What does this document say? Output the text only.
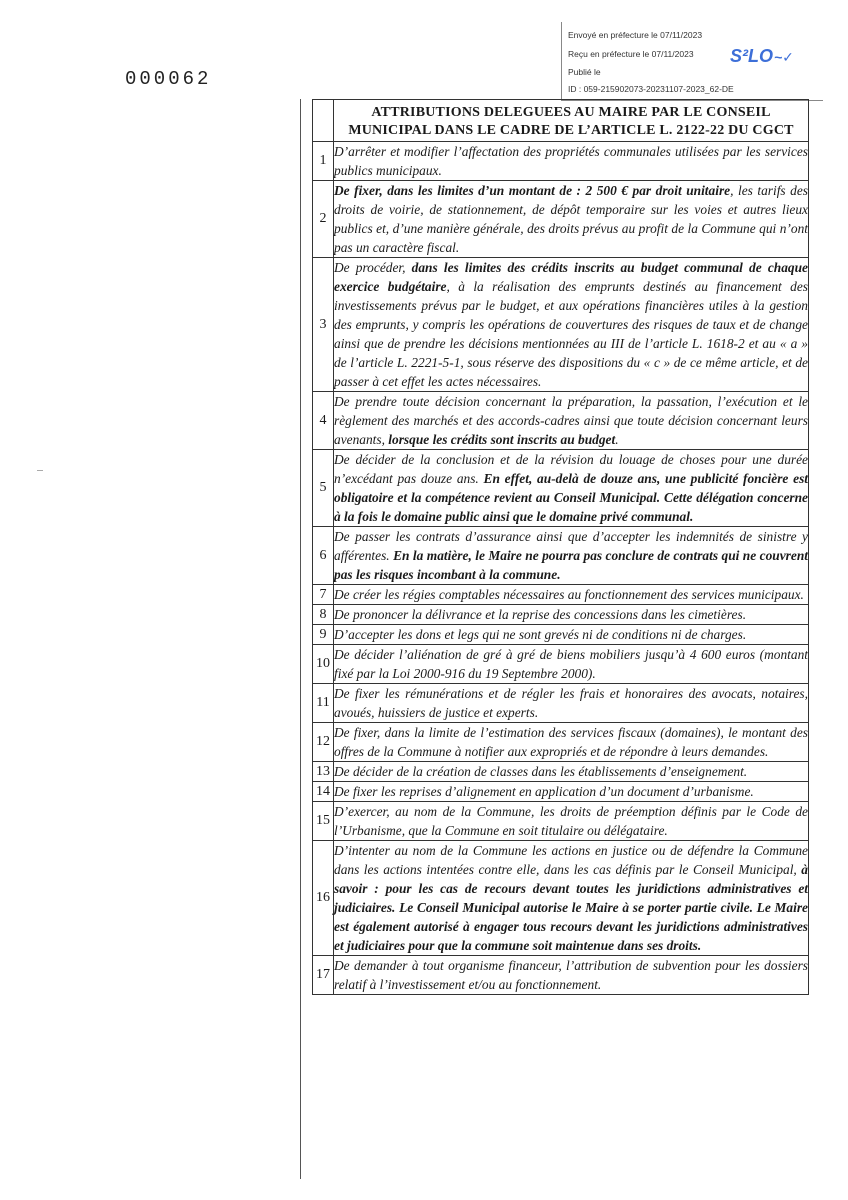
000062
Envoyé en préfecture le 07/11/2023
Reçu en préfecture le 07/11/2023
Publié le
ID : 059-215902073-20231107-2023_62-DE
S²LO~✓
	ATTRIBUTIONS DELEGUEES AU MAIRE PAR LE CONSEIL MUNICIPAL DANS LE CADRE DE L’ARTICLE L. 2122-22 DU CGCT
1	D’arrêter et modifier l’affectation des propriétés communales utilisées par les services publics municipaux.
2	De fixer, dans les limites d’un montant de : 2 500 € par droit unitaire, les tarifs des droits de voirie, de stationnement, de dépôt temporaire sur les voies et autres lieux publics et, d’une manière générale, des droits prévus au profit de la Commune qui n’ont pas un caractère fiscal.
3	De procéder, dans les limites des crédits inscrits au budget communal de chaque exercice budgétaire, à la réalisation des emprunts destinés au financement des investissements prévus par le budget, et aux opérations financières utiles à la gestion des emprunts, y compris les opérations de couvertures des risques de taux et de change ainsi que de prendre les décisions mentionnées au III de l’article L. 1618-2 et au « a » de l’article L. 2221-5-1, sous réserve des dispositions du « c » de ce même article, et de passer à cet effet les actes nécessaires.
4	De prendre toute décision concernant la préparation, la passation, l’exécution et le règlement des marchés et des accords-cadres ainsi que toute décision concernant leurs avenants, lorsque les crédits sont inscrits au budget.
5	De décider de la conclusion et de la révision du louage de choses pour une durée n’excédant pas douze ans. En effet, au-delà de douze ans, une publicité foncière est obligatoire et la compétence revient au Conseil Municipal. Cette délégation concerne à la fois le domaine public ainsi que le domaine privé communal.
6	De passer les contrats d’assurance ainsi que d’accepter les indemnités de sinistre y afférentes. En la matière, le Maire ne pourra pas conclure de contrats qui ne couvrent pas les risques incombant à la commune.
7	De créer les régies comptables nécessaires au fonctionnement des services municipaux.
8	De prononcer la délivrance et la reprise des concessions dans les cimetières.
9	D’accepter les dons et legs qui ne sont grevés ni de conditions ni de charges.
10	De décider l’aliénation de gré à gré de biens mobiliers jusqu’à 4 600 euros (montant fixé par la Loi 2000-916 du 19 Septembre 2000).
11	De fixer les rémunérations et de régler les frais et honoraires des avocats, notaires, avoués, huissiers de justice et experts.
12	De fixer, dans la limite de l’estimation des services fiscaux (domaines), le montant des offres de la Commune à notifier aux expropriés et de répondre à leurs demandes.
13	De décider de la création de classes dans les établissements d’enseignement.
14	De fixer les reprises d’alignement en application d’un document d’urbanisme.
15	D’exercer, au nom de la Commune, les droits de préemption définis par le Code de l’Urbanisme, que la Commune en soit titulaire ou délégataire.
16	D’intenter au nom de la Commune les actions en justice ou de défendre la Commune dans les actions intentées contre elle, dans les cas définis par le Conseil Municipal, à savoir : pour les cas de recours devant toutes les juridictions administratives et judiciaires. Le Conseil Municipal autorise le Maire à se porter partie civile. Le Maire est également autorisé à engager tous recours devant les juridictions administratives et judiciaires pour que la commune soit maintenue dans ses droits.
17	De demander à tout organisme financeur, l’attribution de subvention pour les dossiers relatif à l’investissement et/ou au fonctionnement.
